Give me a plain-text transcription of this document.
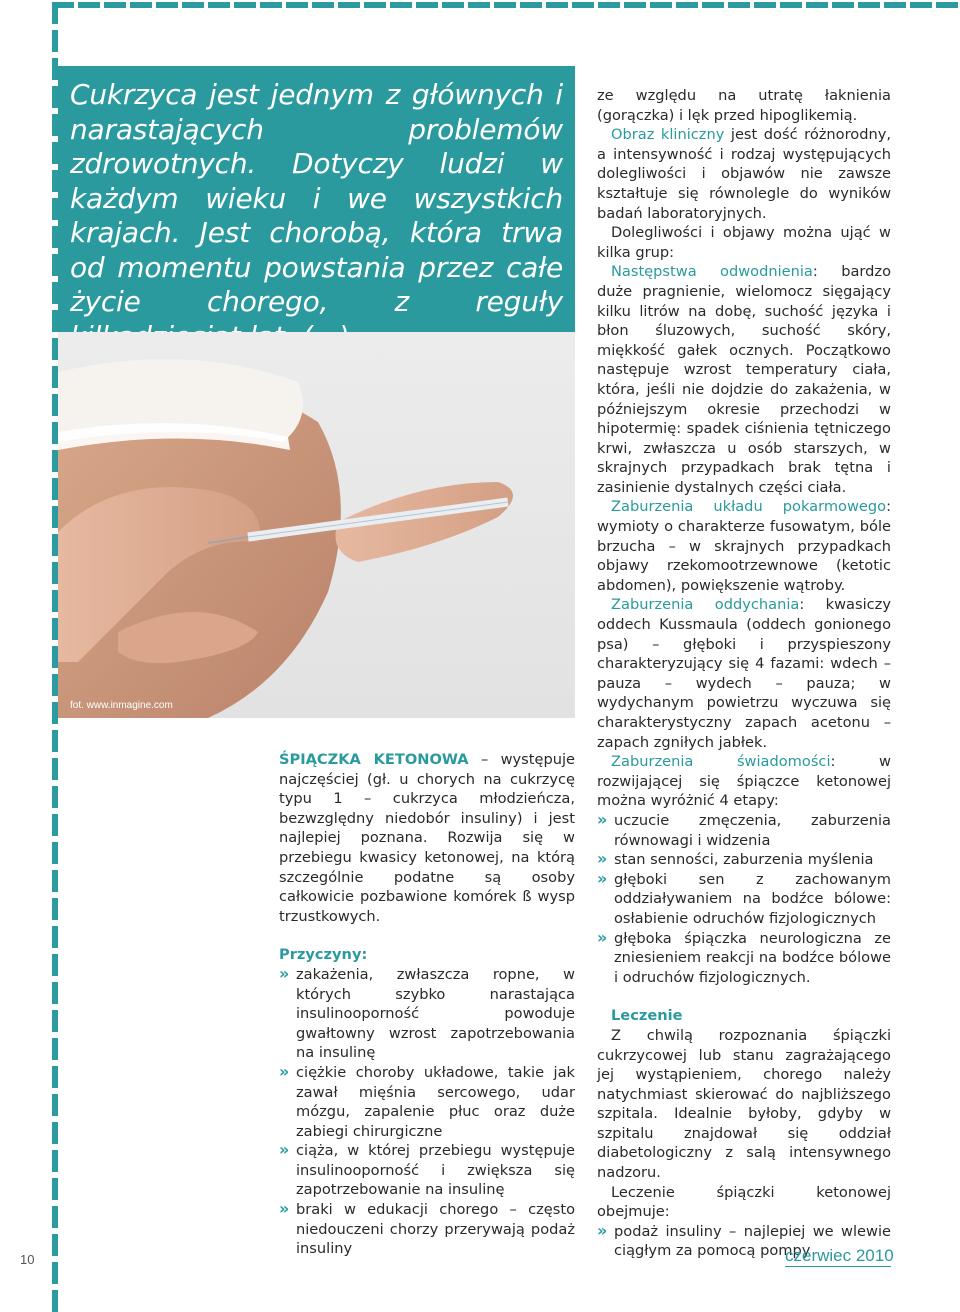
Cukrzyca jest jednym z głównych i narastających problemów zdrowotnych. Dotyczy ludzi w każdym wieku i we wszystkich krajach. Jest chorobą, która trwa od momentu powstania przez całe życie chorego, z reguły

fot. www.inmagine.com

ŚPIĄCZKA KETONOWA – występuje najczęściej (gł. u chorych na cukrzycę typu 1 – cukrzyca młodzieńcza, bezwzględny niedobór insuliny) i jest najlepiej poznana. Rozwija się w przebiegu kwasicy ketonowej, na którą szczególnie podatne są osoby całkowicie pozbawione komórek ß wysp trzustkowych.

Przyczyny:

» zakażenia, zwłaszcza ropne, w których szybko narastająca insulinooporność powoduje gwałtowny wzrost zapotrzebowania na insulinę
» ciężkie choroby układowe, takie jak zawał mięśnia sercowego, udar mózgu, zapalenie płuc oraz duże zabiegi chirurgiczne
» ciąża, w której przebiegu występuje insulinooporność i zwiększa się zapotrzebowanie na insulinę
» braki w edukacji chorego – często niedouczeni chorzy przerywają podaż insuliny

ze względu na utratę łaknienia (gorączka) i lęk przed hipoglikemią.

Obraz kliniczny jest dość różnorodny, a intensywność i rodzaj występujących dolegliwości i objawów nie zawsze kształtuje się równolegle do wyników badań laboratoryjnych.

Dolegliwości i objawy można ująć w kilka grup:

Następstwa odwodnienia: bardzo duże pragnienie, wielomocz sięgający kilku litrów na dobę, suchość języka i błon śluzowych, suchość skóry, miękkość gałek ocznych. Początkowo następuje wzrost temperatury ciała, która, jeśli nie dojdzie do zakażenia, w późniejszym okresie przechodzi w hipotermię: spadek ciśnienia tętniczego krwi, zwłaszcza u osób starszych, w skrajnych przypadkach brak tętna i zasinienie dystalnych części ciała.

Zaburzenia układu pokarmowego: wymioty o charakterze fusowatym, bóle brzucha – w skrajnych przypadkach objawy rzekomootrzewnowe (ketotic abdomen), powiększenie wątroby.

Zaburzenia oddychania: kwasiczy oddech Kussmaula (oddech gonionego psa) – głęboki i przyspieszony charakteryzujący się 4 fazami: wdech – pauza – wydech – pauza; w wydychanym powietrzu wyczuwa się charakterystyczny zapach acetonu – zapach zgniłych jabłek.

Zaburzenia świadomości: w rozwijającej się śpiączce ketonowej można wyróżnić 4 etapy:

» uczucie zmęczenia, zaburzenia równowagi i widzenia
» stan senności, zaburzenia myślenia
» głęboki sen z zachowanym oddziaływaniem na bodźce bólowe: osłabienie odruchów fizjologicznych
» głęboka śpiączka neurologiczna ze zniesieniem reakcji na bodźce bólowe i odruchów fizjologicznych.

Leczenie

Z chwilą rozpoznania śpiączki cukrzycowej lub stanu zagrażającego jej wystąpieniem, chorego należy natychmiast skierować do najbliższego szpitala. Idealnie byłoby, gdyby w szpitalu znajdował się oddział diabetologiczny z salą intensywnego nadzoru.

Leczenie śpiączki ketonowej obejmuje:

» podaż insuliny – najlepiej we wlewie ciągłym za pomocą pompy
10	czerwiec 2010
